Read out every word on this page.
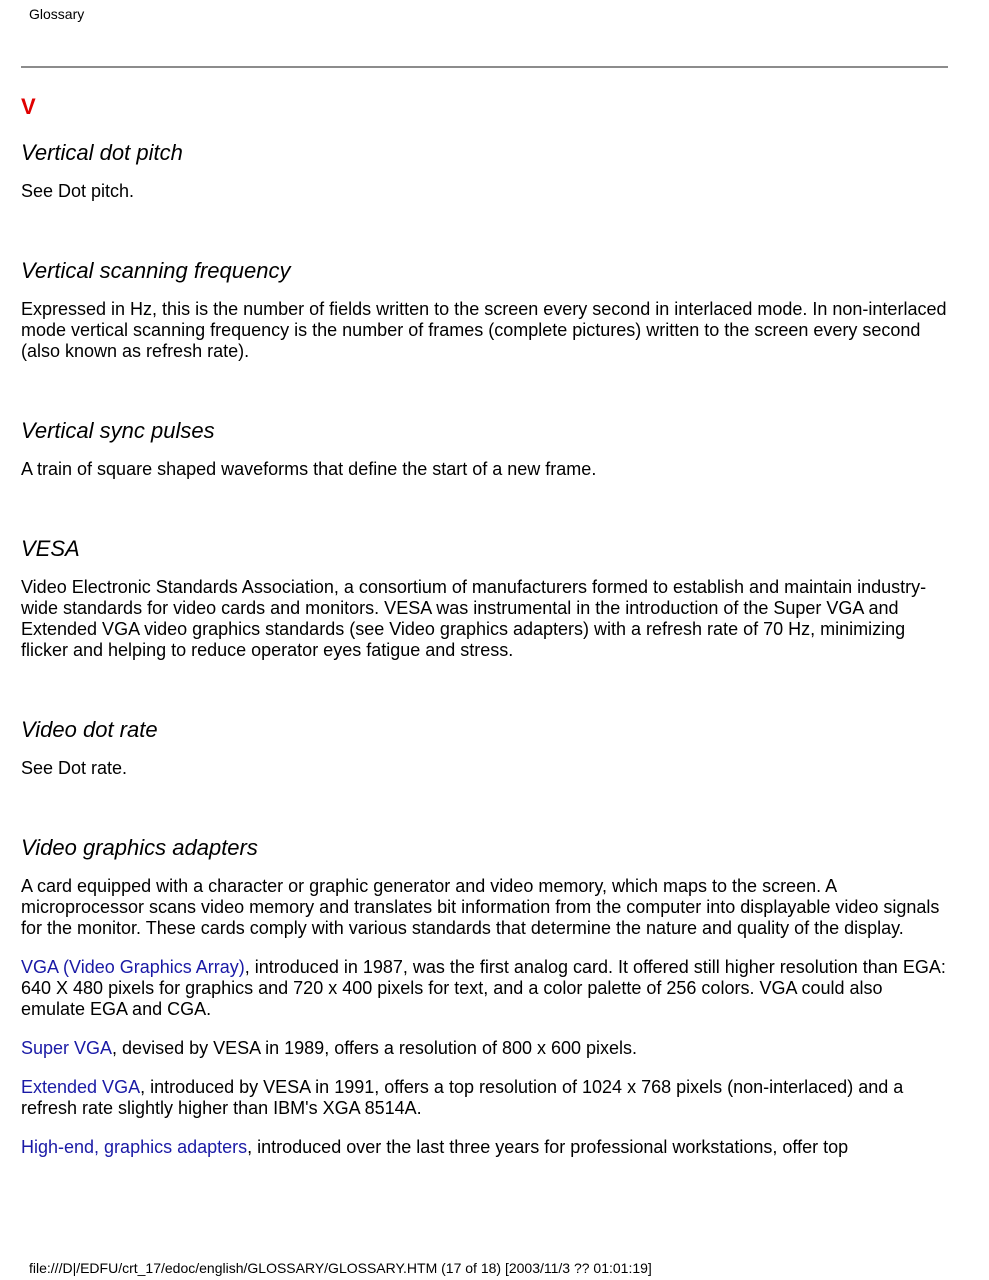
Glossary
V
Vertical dot pitch

See Dot pitch.

Vertical scanning frequency

Expressed in Hz, this is the number of fields written to the screen every second in interlaced mode. In non-interlaced mode vertical scanning frequency is the number of frames (complete pictures) written to the screen every second (also known as refresh rate).

Vertical sync pulses

A train of square shaped waveforms that define the start of a new frame.

VESA

Video Electronic Standards Association, a consortium of manufacturers formed to establish and maintain industry-wide standards for video cards and monitors. VESA was instrumental in the introduction of the Super VGA and Extended VGA video graphics standards (see Video graphics adapters) with a refresh rate of 70 Hz, minimizing flicker and helping to reduce operator eyes fatigue and stress.

Video dot rate

See Dot rate.

Video graphics adapters

A card equipped with a character or graphic generator and video memory, which maps to the screen. A microprocessor scans video memory and translates bit information from the computer into displayable video signals for the monitor. These cards comply with various standards that determine the nature and quality of the display.

VGA (Video Graphics Array), introduced in 1987, was the first analog card. It offered still higher resolution than EGA: 640 X 480 pixels for graphics and 720 x 400 pixels for text, and a color palette of 256 colors. VGA could also emulate EGA and CGA.

Super VGA, devised by VESA in 1989, offers a resolution of 800 x 600 pixels.

Extended VGA, introduced by VESA in 1991, offers a top resolution of 1024 x 768 pixels (non-interlaced) and a refresh rate slightly higher than IBM's XGA 8514A.

High-end, graphics adapters, introduced over the last three years for professional workstations, offer top

file:///D|/EDFU/crt_17/edoc/english/GLOSSARY/GLOSSARY.HTM (17 of 18) [2003/11/3 ?? 01:01:19]
